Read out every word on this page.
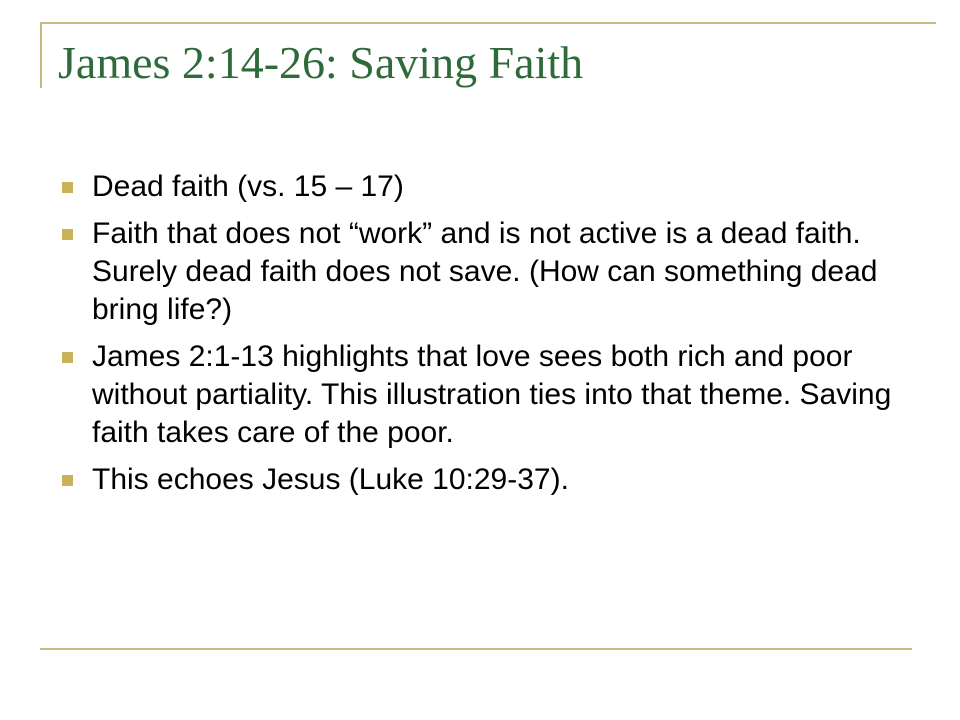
James 2:14-26: Saving Faith
Dead faith (vs. 15 – 17)
Faith that does not “work” and is not active is a dead faith. Surely dead faith does not save. (How can something dead bring life?)
James 2:1-13 highlights that love sees both rich and poor without partiality. This illustration ties into that theme. Saving faith takes care of the poor.
This echoes Jesus (Luke 10:29-37).
